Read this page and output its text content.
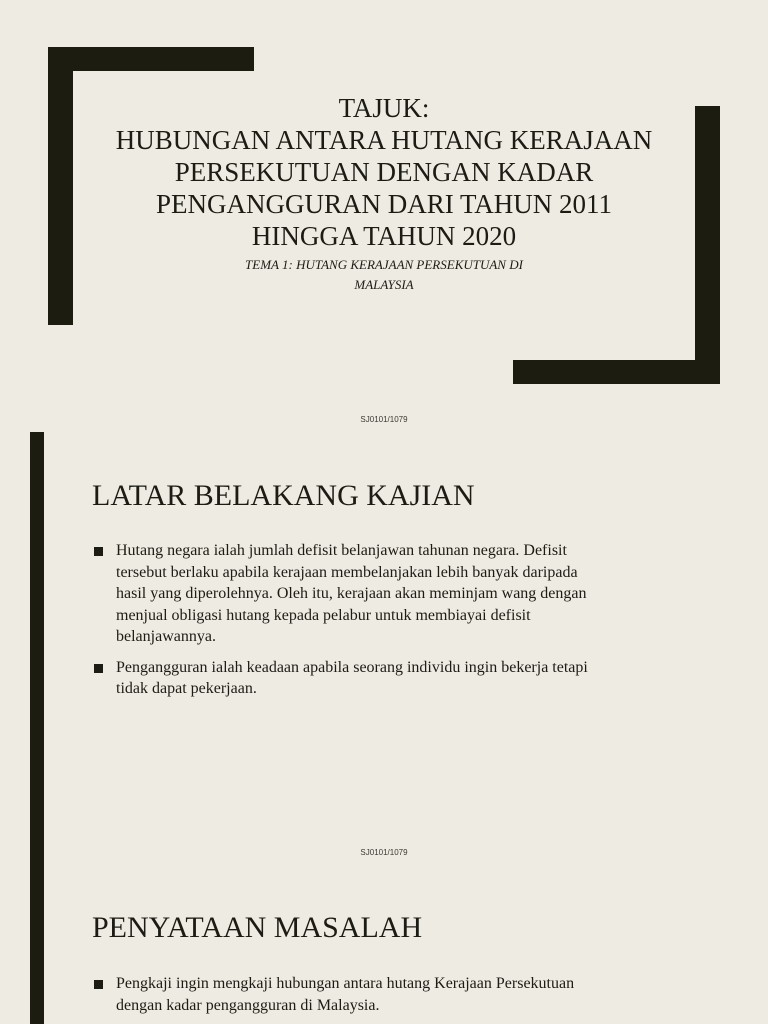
TAJUK:
HUBUNGAN ANTARA HUTANG KERAJAAN
PERSEKUTUAN DENGAN KADAR
PENGANGGURAN DARI TAHUN 2011
HINGGA TAHUN 2020
TEMA 1: HUTANG KERAJAAN PERSEKUTUAN DI
MALAYSIA
SJ0101/1079
LATAR BELAKANG KAJIAN
Hutang negara ialah jumlah defisit belanjawan tahunan negara. Defisit
tersebut berlaku apabila kerajaan membelanjakan lebih banyak daripada
hasil yang diperolehnya. Oleh itu, kerajaan akan meminjam wang dengan
menjual obligasi hutang kepada pelabur untuk membiayai defisit
belanjawannya.
Pengangguran ialah keadaan apabila seorang individu ingin bekerja tetapi
tidak dapat pekerjaan.
SJ0101/1079
PENYATAAN MASALAH
Pengkaji ingin mengkaji hubungan antara hutang Kerajaan Persekutuan
dengan kadar pengangguran di Malaysia.
